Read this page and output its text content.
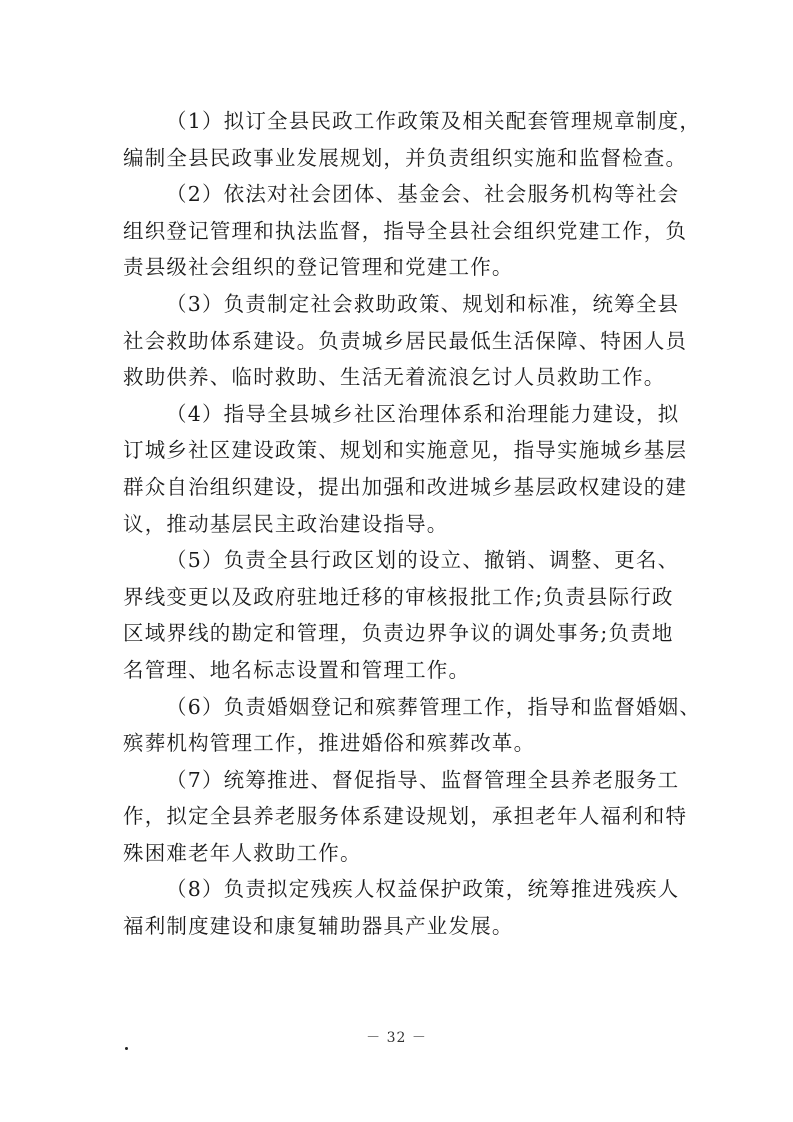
（1）拟订全县民政工作政策及相关配套管理规章制度，
编制全县民政事业发展规划，并负责组织实施和监督检查。
（2）依法对社会团体、基金会、社会服务机构等社会
组织登记管理和执法监督，指导全县社会组织党建工作，负
责县级社会组织的登记管理和党建工作。
（3）负责制定社会救助政策、规划和标准，统筹全县
社会救助体系建设。负责城乡居民最低生活保障、特困人员
救助供养、临时救助、生活无着流浪乞讨人员救助工作。
（4）指导全县城乡社区治理体系和治理能力建设，拟
订城乡社区建设政策、规划和实施意见，指导实施城乡基层
群众自治组织建设，提出加强和改进城乡基层政权建设的建
议，推动基层民主政治建设指导。
（5）负责全县行政区划的设立、撤销、调整、更名、
界线变更以及政府驻地迁移的审核报批工作;负责县际行政
区域界线的勘定和管理，负责边界争议的调处事务;负责地
名管理、地名标志设置和管理工作。
（6）负责婚姻登记和殡葬管理工作，指导和监督婚姻、
殡葬机构管理工作，推进婚俗和殡葬改革。
（7）统筹推进、督促指导、监督管理全县养老服务工
作，拟定全县养老服务体系建设规划，承担老年人福利和特
殊困难老年人救助工作。
（8）负责拟定残疾人权益保护政策，统筹推进残疾人
福利制度建设和康复辅助器具产业发展。
－ 32 －
